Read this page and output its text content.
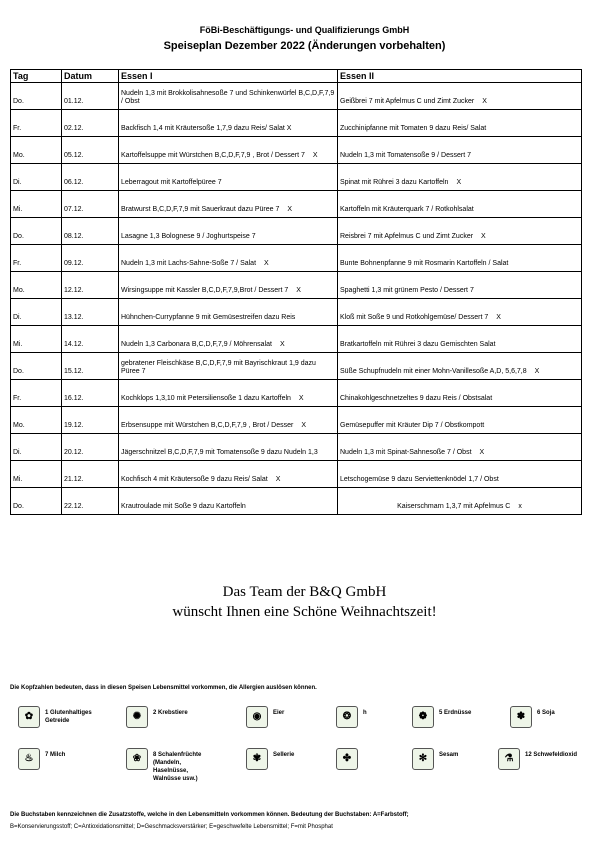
FöBi-Beschäftigungs- und Qualifizierungs GmbH
Speiseplan Dezember 2022 (Änderungen vorbehalten)
Tag	Datum	Essen I	Essen II
Do.	01.12.	Nudeln 1,3 mit Brokkolisahnesoße 7 und Schinkenwürfel B,C,D,F,7,9 / Obst	Geißbrei 7 mit Apfelmus C und Zimt Zucker X
Fr.	02.12.	Backfisch 1,4 mit Kräutersoße 1,7,9 dazu Reis/ Salat X	Zucchinipfanne mit Tomaten 9 dazu Reis/ Salat
Mo.	05.12.	Kartoffelsuppe mit Würstchen B,C,D,F,7,9 , Brot / Dessert 7 X	Nudeln 1,3 mit Tomatensoße 9 / Dessert 7
Di.	06.12.	Leberragout mit Kartoffelpüree 7	Spinat mit Rührei 3 dazu Kartoffeln X
Mi.	07.12.	Bratwurst B,C,D,F,7,9 mit Sauerkraut dazu Püree 7 X	Kartoffeln mit Kräuterquark 7 / Rotkohlsalat
Do.	08.12.	Lasagne 1,3 Bolognese 9 / Joghurtspeise 7	Reisbrei 7 mit Apfelmus C und Zimt Zucker X
Fr.	09.12.	Nudeln 1,3 mit Lachs-Sahne-Soße 7 / Salat X	Bunte Bohnenpfanne 9 mit Rosmarin Kartoffeln / Salat
Mo.	12.12.	Wirsingsuppe mit Kassler B,C,D,F,7,9,Brot / Dessert 7 X	Spaghetti 1,3 mit grünem Pesto / Dessert 7
Di.	13.12.	Hühnchen-Currypfanne 9 mit Gemüsestreifen dazu Reis	Kloß mit Soße 9 und Rotkohlgemüse/ Dessert 7 X
Mi.	14.12.	Nudeln 1,3 Carbonara B,C,D,F,7,9 / Möhrensalat X	Bratkartoffeln mit Rührei 3 dazu Gemischten Salat
Do.	15.12.	gebratener Fleischkäse B,C,D,F,7,9 mit Bayrischkraut 1,9 dazu Püree 7	Süße Schupfnudeln mit einer Mohn-Vanillesoße A,D, 5,6,7,8 X
Fr.	16.12.	Kochklops 1,3,10 mit Petersiliensoße 1 dazu Kartoffeln X	Chinakohlgeschnetzeltes 9 dazu Reis / Obstsalat
Mo.	19.12.	Erbsensuppe mit Würstchen B,C,D,F,7,9 , Brot / Desser X	Gemüsepuffer mit Kräuter Dip 7 / Obstkompott
Di.	20.12.	Jägerschnitzel B,C,D,F,7,9 mit Tomatensoße 9 dazu Nudeln 1,3	Nudeln 1,3 mit Spinat-Sahnesoße 7 / Obst X
Mi.	21.12.	Kochfisch 4 mit Kräutersoße 9 dazu Reis/ Salat X	Letschogemüse 9 dazu Serviettenknödel 1,7 / Obst
Do.	22.12.	Krautroulade mit Soße 9 dazu Kartoffeln	Kaiserschmarn 1,3,7 mit Apfelmus C x
Das Team der B&Q GmbH
wünscht Ihnen eine Schöne Weihnachtszeit!
Die Kopfzahlen bedeuten, dass in diesen Speisen Lebensmittel vorkommen, die Allergien auslösen können.
✿	1 Glutenhaltiges Getreide	✺	2 Krebstiere	◉	Eier	❂	h	❁	5 Erdnüsse	✽	6 Soja
♨	7 Milch	❀	8 Schalenfrüchte (Mandeln, Haselnüsse, Walnüsse usw.)
✾	Sellerie	✤	✻	Sesam	⚗	12 Schwefeldioxid
Die Buchstaben kennzeichnen die Zusatzstoffe, welche in den Lebensmitteln vorkommen können. Bedeutung der Buchstaben: A=Farbstoff;
B=Konservierungsstoff; C=Antioxidationsmittel; D=Geschmacksverstärker; E=geschwefelte Lebensmittel; F=mit Phosphat
